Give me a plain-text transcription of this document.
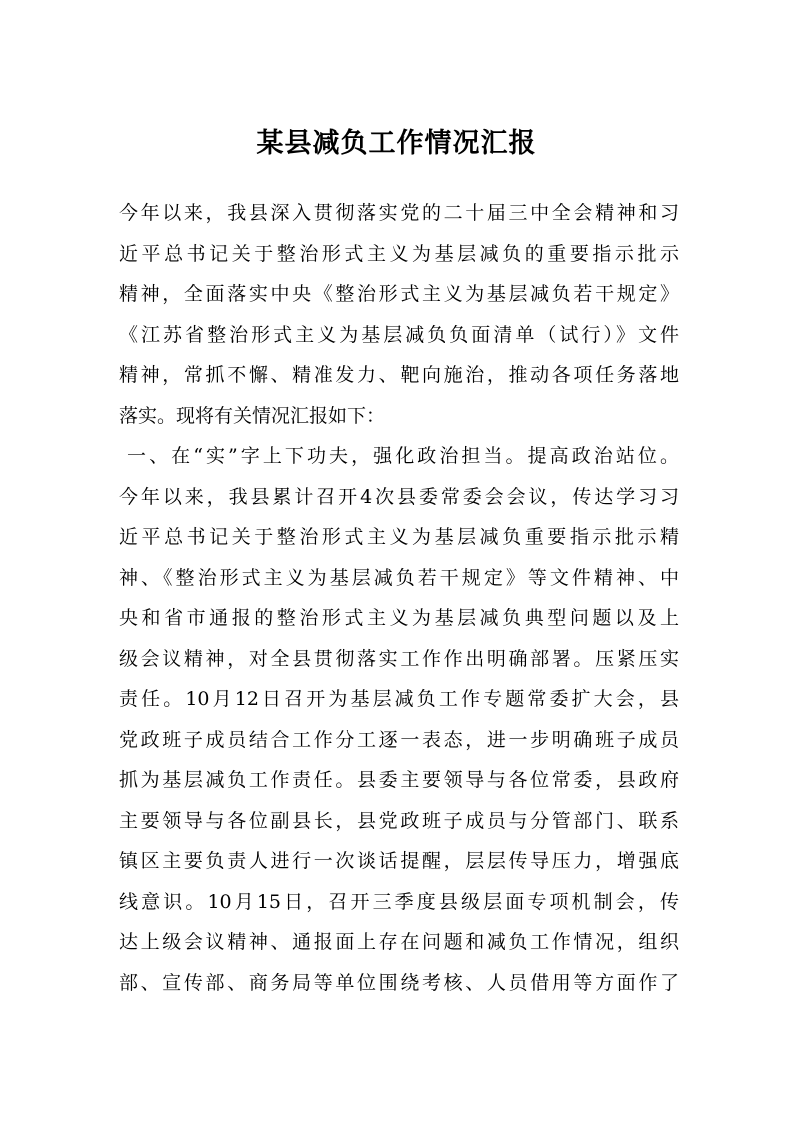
某县减负工作情况汇报
今年以来，我县深入贯彻落实党的二十届三中全会精神和习
近平总书记关于整治形式主义为基层减负的重要指示批示
精神，全面落实中央《整治形式主义为基层减负若干规定》
《江苏省整治形式主义为基层减负负面清单（试行）》文件
精神，常抓不懈、精准发力、靶向施治，推动各项任务落地
落实。现将有关情况汇报如下：
一、在“实”字上下功夫，强化政治担当。提高政治站位。
今年以来，我县累计召开4次县委常委会会议，传达学习习
近平总书记关于整治形式主义为基层减负重要指示批示精
神、《整治形式主义为基层减负若干规定》等文件精神、中
央和省市通报的整治形式主义为基层减负典型问题以及上
级会议精神，对全县贯彻落实工作作出明确部署。压紧压实
责任。10月12日召开为基层减负工作专题常委扩大会，县
党政班子成员结合工作分工逐一表态，进一步明确班子成员
抓为基层减负工作责任。县委主要领导与各位常委，县政府
主要领导与各位副县长，县党政班子成员与分管部门、联系
镇区主要负责人进行一次谈话提醒，层层传导压力，增强底
线意识。10月15日，召开三季度县级层面专项机制会，传
达上级会议精神、通报面上存在问题和减负工作情况，组织
部、宣传部、商务局等单位围绕考核、人员借用等方面作了
